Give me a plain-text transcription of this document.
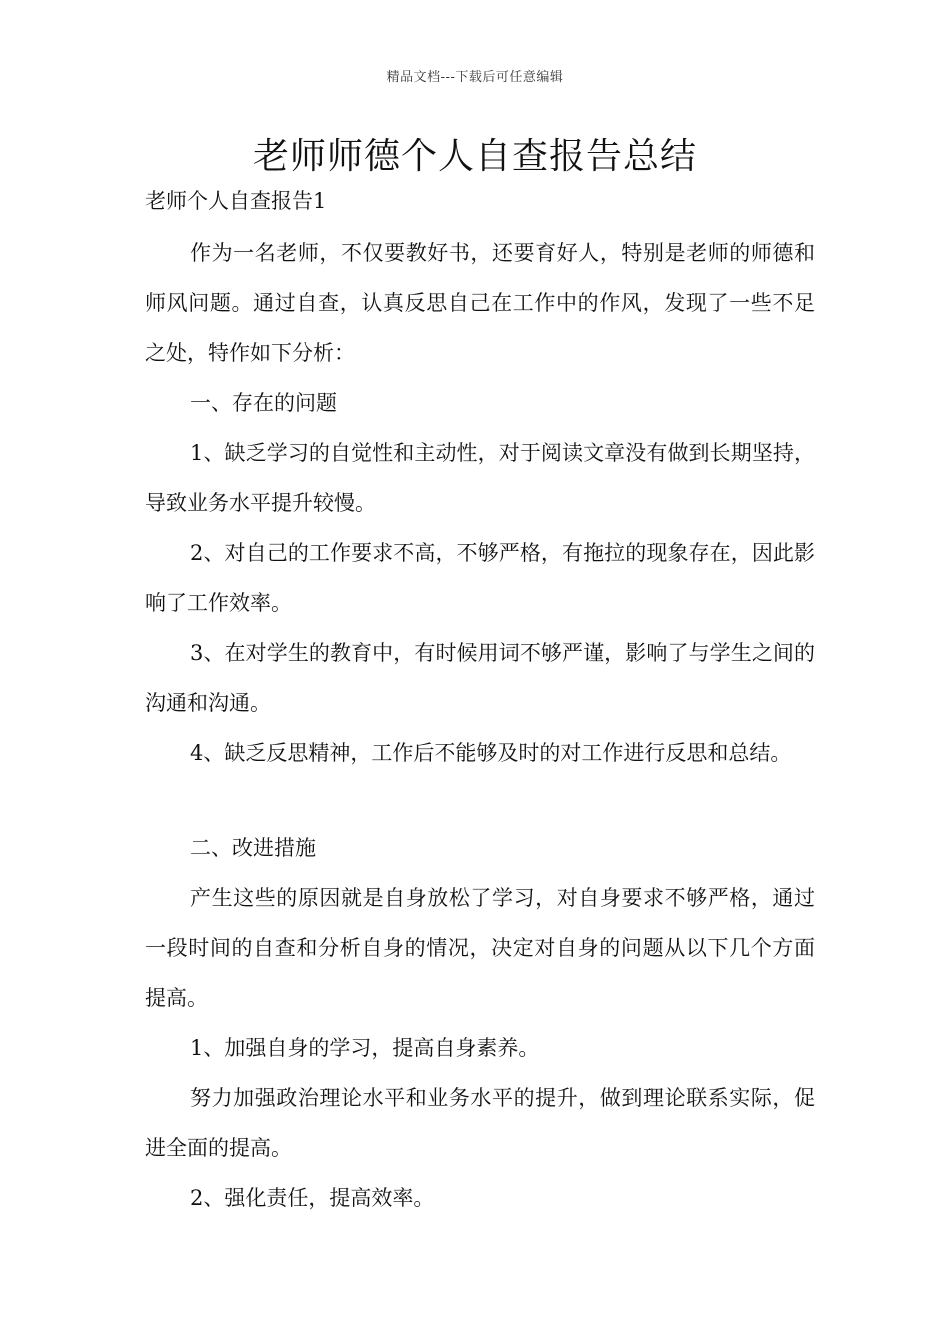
精品文档---下载后可任意编辑
老师师德个人自查报告总结

老师个人自查报告1

作为一名老师，不仅要教好书，还要育好人，特别是老师的师德和师风问题。通过自查，认真反思自己在工作中的作风，发现了一些不足之处，特作如下分析：

一、存在的问题

1、缺乏学习的自觉性和主动性，对于阅读文章没有做到长期坚持，导致业务水平提升较慢。

2、对自己的工作要求不高，不够严格，有拖拉的现象存在，因此影响了工作效率。

3、在对学生的教育中，有时候用词不够严谨，影响了与学生之间的沟通和沟通。

4、缺乏反思精神，工作后不能够及时的对工作进行反思和总结。

二、改进措施

产生这些的原因就是自身放松了学习，对自身要求不够严格，通过一段时间的自查和分析自身的情况，决定对自身的问题从以下几个方面提高。

1、加强自身的学习，提高自身素养。

努力加强政治理论水平和业务水平的提升，做到理论联系实际，促进全面的提高。

2、强化责任，提高效率。
